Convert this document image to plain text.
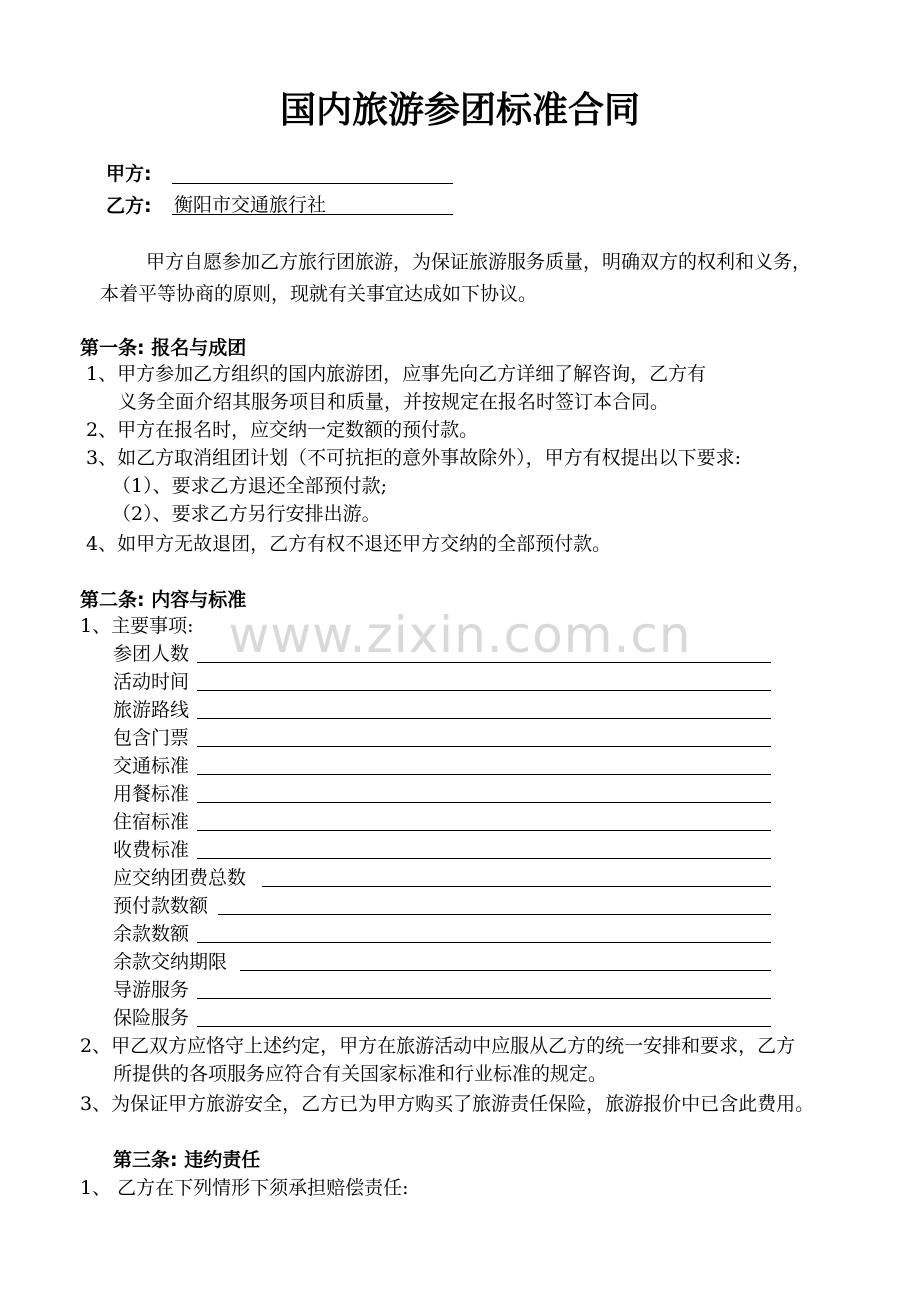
www.zixin.com.cn
国内旅游参团标准合同
甲方:
乙方: 衡阳市交通旅行社
甲方自愿参加乙方旅行团旅游，为保证旅游服务质量，明确双方的权利和义务，
本着平等协商的原则，现就有关事宜达成如下协议。
第一条: 报名与成团
1、甲方参加乙方组织的国内旅游团，应事先向乙方详细了解咨询，乙方有
义务全面介绍其服务项目和质量，并按规定在报名时签订本合同。
2、甲方在报名时，应交纳一定数额的预付款。
3、如乙方取消组团计划（不可抗拒的意外事故除外），甲方有权提出以下要求:
（1）、要求乙方退还全部预付款;
（2）、要求乙方另行安排出游。
4、如甲方无故退团，乙方有权不退还甲方交纳的全部预付款。
第二条: 内容与标准
1、主要事项:
参团人数
活动时间
旅游路线
包含门票
交通标准
用餐标准
住宿标准
收费标准
应交纳团费总数
预付款数额
余款数额
余款交纳期限
导游服务
保险服务
2、甲乙双方应恪守上述约定，甲方在旅游活动中应服从乙方的统一安排和要求，乙方
所提供的各项服务应符合有关国家标准和行业标准的规定。
3、为保证甲方旅游安全，乙方已为甲方购买了旅游责任保险，旅游报价中已含此费用。
第三条: 违约责任
1、 乙方在下列情形下须承担赔偿责任:
